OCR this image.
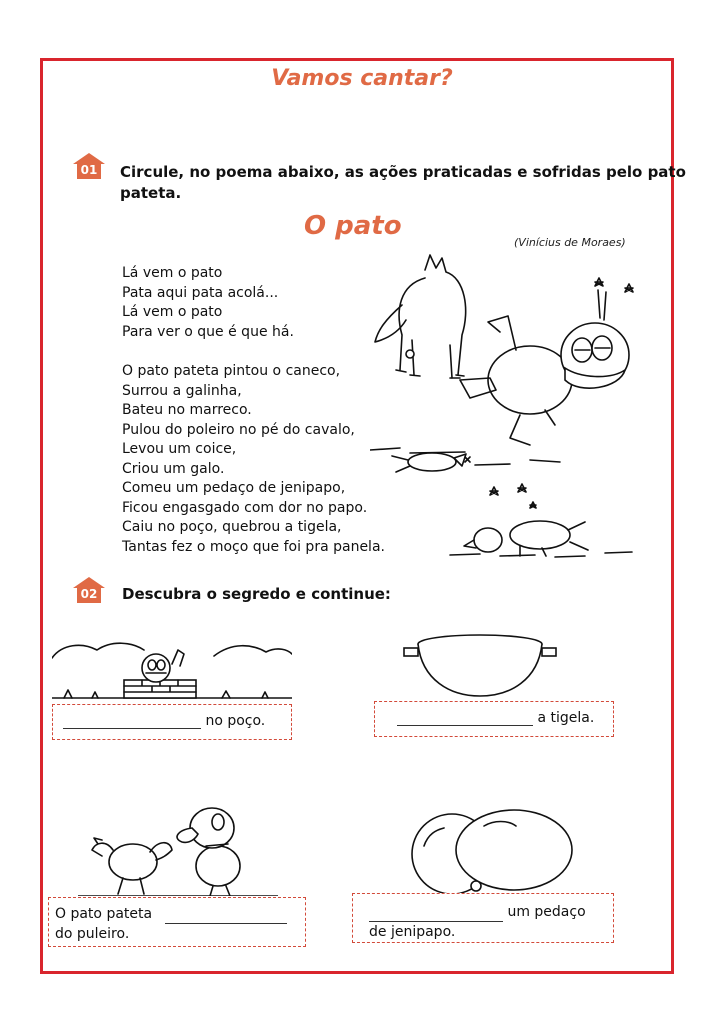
Vamos cantar?
01	Circule, no poema abaixo, as ações praticadas e sofridas pelo pato
pateta.
O pato
(Vinícius de Moraes)
Lá vem o pato
Pata aqui pata acolá...
Lá vem o pato
Para ver o que é que há.
O pato pateta pintou o caneco,
Surrou a galinha,
Bateu no marreco.
Pulou do poleiro no pé do cavalo,
Levou um coice,
Criou um galo.
Comeu um pedaço de jenipapo,
Ficou engasgado com dor no papo.
Caiu no poço, quebrou a tigela,
Tantas fez o moço que foi pra panela.
02	Descubra o segredo e continue:
no poço.	a tigela.
O pato pateta
do puleiro.
um pedaço
de jenipapo.
